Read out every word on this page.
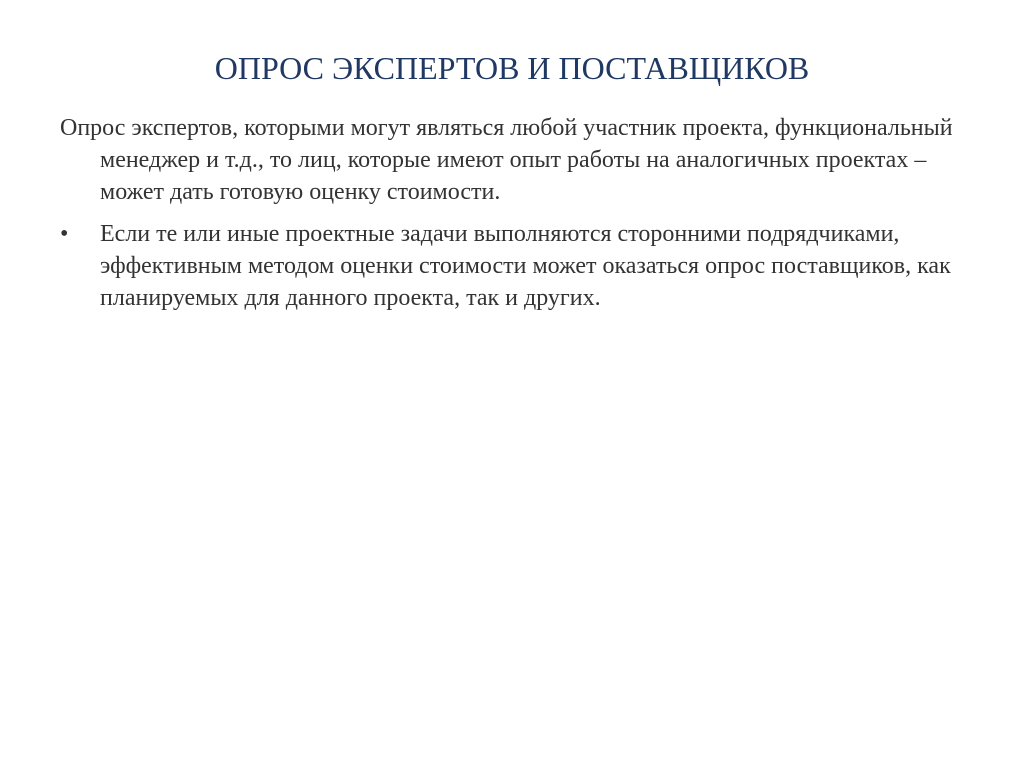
ОПРОС ЭКСПЕРТОВ И ПОСТАВЩИКОВ

Опрос экспертов, которыми могут являться любой участник проекта, функциональный менеджер и т.д., то лиц, которые имеют опыт работы на аналогичных проектах – может дать готовую оценку стоимости.

•	Если те или иные проектные задачи выполняются сторонними подрядчиками, эффективным методом оценки стоимости может оказаться опрос поставщиков, как планируемых для данного проекта, так и других.
